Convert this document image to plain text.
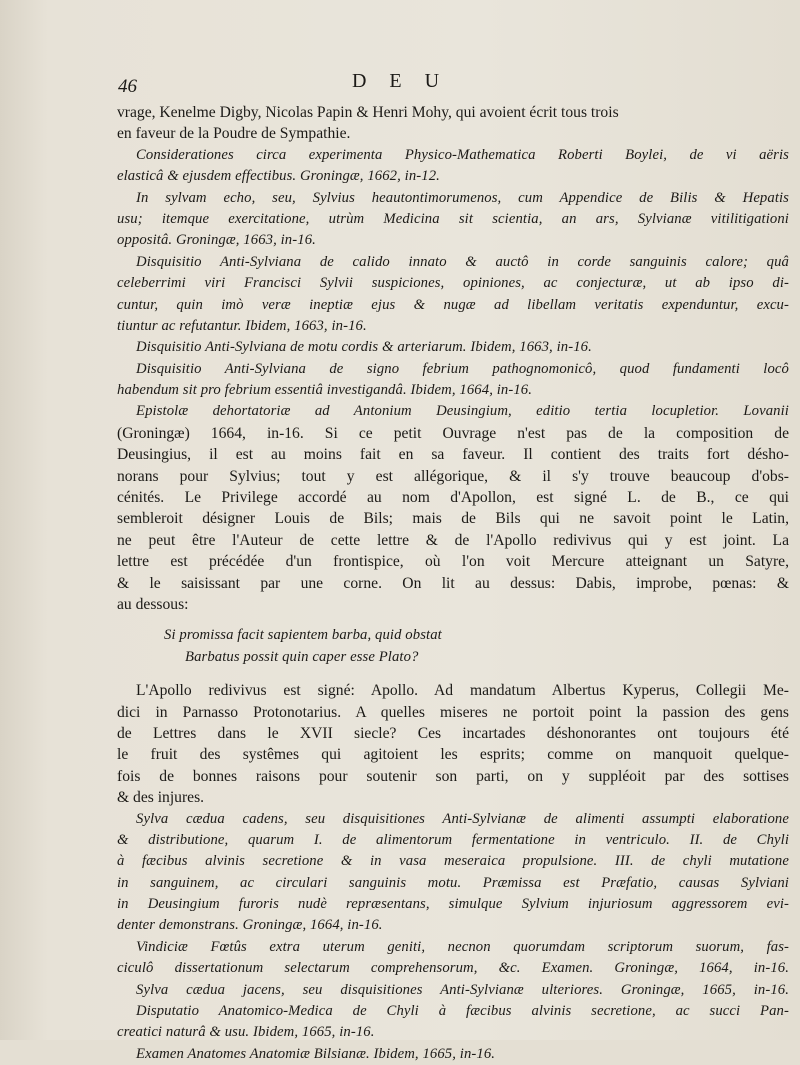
46	D E U
vrage, Kenelme Digby, Nicolas Papin & Henri Mohy, qui avoient écrit tous trois
en faveur de la Poudre de Sympathie.
Considerationes circa experimenta Physico-Mathematica Roberti Boylei, de vi aëris
elasticâ & ejusdem effectibus. Groningæ, 1662, in-12.
In sylvam echo, seu, Sylvius heautontimorumenos, cum Appendice de Bilis & Hepatis
usu; itemque exercitatione, utrùm Medicina sit scientia, an ars, Sylvianæ vitilitigationi
oppositâ. Groningæ, 1663, in-16.
Disquisitio Anti-Sylviana de calido innato & auctô in corde sanguinis calore; quâ
celeberrimi viri Francisci Sylvii suspiciones, opiniones, ac conjecturæ, ut ab ipso di-
cuntur, quin imò veræ ineptiæ ejus & nugæ ad libellam veritatis expenduntur, excu-
tiuntur ac refutantur. Ibidem, 1663, in-16.
Disquisitio Anti-Sylviana de motu cordis & arteriarum. Ibidem, 1663, in-16.
Disquisitio Anti-Sylviana de signo febrium pathognomonicô, quod fundamenti locô
habendum sit pro febrium essentiâ investigandâ. Ibidem, 1664, in-16.
Epistolæ dehortatoriæ ad Antonium Deusingium, editio tertia locupletior. Lovanii
(Groningæ) 1664, in-16. Si ce petit Ouvrage n'est pas de la composition de
Deusingius, il est au moins fait en sa faveur. Il contient des traits fort désho-
norans pour Sylvius; tout y est allégorique, & il s'y trouve beaucoup d'obs-
cénités. Le Privilege accordé au nom d'Apollon, est signé L. de B., ce qui
sembleroit désigner Louis de Bils; mais de Bils qui ne savoit point le Latin,
ne peut être l'Auteur de cette lettre & de l'Apollo redivivus qui y est joint. La
lettre est précédée d'un frontispice, où l'on voit Mercure atteignant un Satyre,
& le saisissant par une corne. On lit au dessus: Dabis, improbe, pœnas: &
au dessous:
Si promissa facit sapientem barba, quid obstat
Barbatus possit quin caper esse Plato?
L'Apollo redivivus est signé: Apollo. Ad mandatum Albertus Kyperus, Collegii Me-
dici in Parnasso Protonotarius. A quelles miseres ne portoit point la passion des gens
de Lettres dans le XVII siecle? Ces incartades déshonorantes ont toujours été
le fruit des systêmes qui agitoient les esprits; comme on manquoit quelque-
fois de bonnes raisons pour soutenir son parti, on y suppléoit par des sottises
& des injures.
Sylva cædua cadens, seu disquisitiones Anti-Sylvianæ de alimenti assumpti elaboratione
& distributione, quarum I. de alimentorum fermentatione in ventriculo. II. de Chyli
à fæcibus alvinis secretione & in vasa meseraica propulsione. III. de chyli mutatione
in sanguinem, ac circulari sanguinis motu. Præmissa est Præfatio, causas Sylviani
in Deusingium furoris nudè repræsentans, simulque Sylvium injuriosum aggressorem evi-
denter demonstrans. Groningæ, 1664, in-16.
Vindiciæ Fœtûs extra uterum geniti, necnon quorumdam scriptorum suorum, fas-
ciculô dissertationum selectarum comprehensorum, &c. Examen. Groningæ, 1664, in-16.
Sylva cædua jacens, seu disquisitiones Anti-Sylvianæ ulteriores. Groningæ, 1665, in-16.
Disputatio Anatomico-Medica de Chyli à fæcibus alvinis secretione, ac succi Pan-
creatici naturâ & usu. Ibidem, 1665, in-16.
Examen Anatomes Anatomiæ Bilsianæ. Ibidem, 1665, in-16.
